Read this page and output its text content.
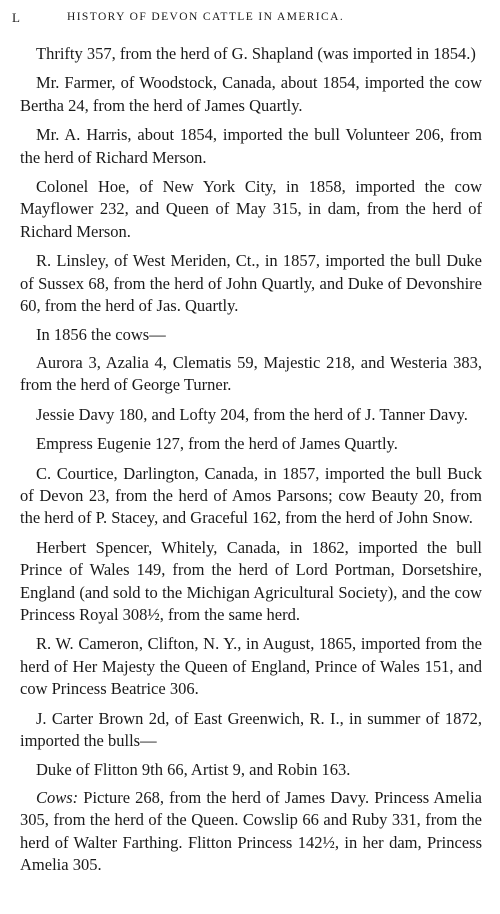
L	HISTORY OF DEVON CATTLE IN AMERICA.

Thrifty 357, from the herd of G. Shapland (was imported in 1854.)

Mr. Farmer, of Woodstock, Canada, about 1854, imported the cow Bertha 24, from the herd of James Quartly.

Mr. A. Harris, about 1854, imported the bull Volunteer 206, from the herd of Richard Merson.

Colonel Hoe, of New York City, in 1858, imported the cow Mayflower 232, and Queen of May 315, in dam, from the herd of Richard Merson.

R. Linsley, of West Meriden, Ct., in 1857, imported the bull Duke of Sussex 68, from the herd of John Quartly, and Duke of Devonshire 60, from the herd of Jas. Quartly.

In 1856 the cows—

Aurora 3, Azalia 4, Clematis 59, Majestic 218, and Westeria 383, from the herd of George Turner.

Jessie Davy 180, and Lofty 204, from the herd of J. Tanner Davy.

Empress Eugenie 127, from the herd of James Quartly.

C. Courtice, Darlington, Canada, in 1857, imported the bull Buck of Devon 23, from the herd of Amos Parsons; cow Beauty 20, from the herd of P. Stacey, and Graceful 162, from the herd of John Snow.

Herbert Spencer, Whitely, Canada, in 1862, imported the bull Prince of Wales 149, from the herd of Lord Portman, Dorsetshire, England (and sold to the Michigan Agricultural Society), and the cow Princess Royal 308½, from the same herd.

R. W. Cameron, Clifton, N. Y., in August, 1865, imported from the herd of Her Majesty the Queen of England, Prince of Wales 151, and cow Princess Beatrice 306.

J. Carter Brown 2d, of East Greenwich, R. I., in summer of 1872, imported the bulls—

Duke of Flitton 9th 66, Artist 9, and Robin 163.

Cows: Picture 268, from the herd of James Davy. Princess Amelia 305, from the herd of the Queen. Cowslip 66 and Ruby 331, from the herd of Walter Farthing. Flitton Princess 142½, in her dam, Princess Amelia 305.
